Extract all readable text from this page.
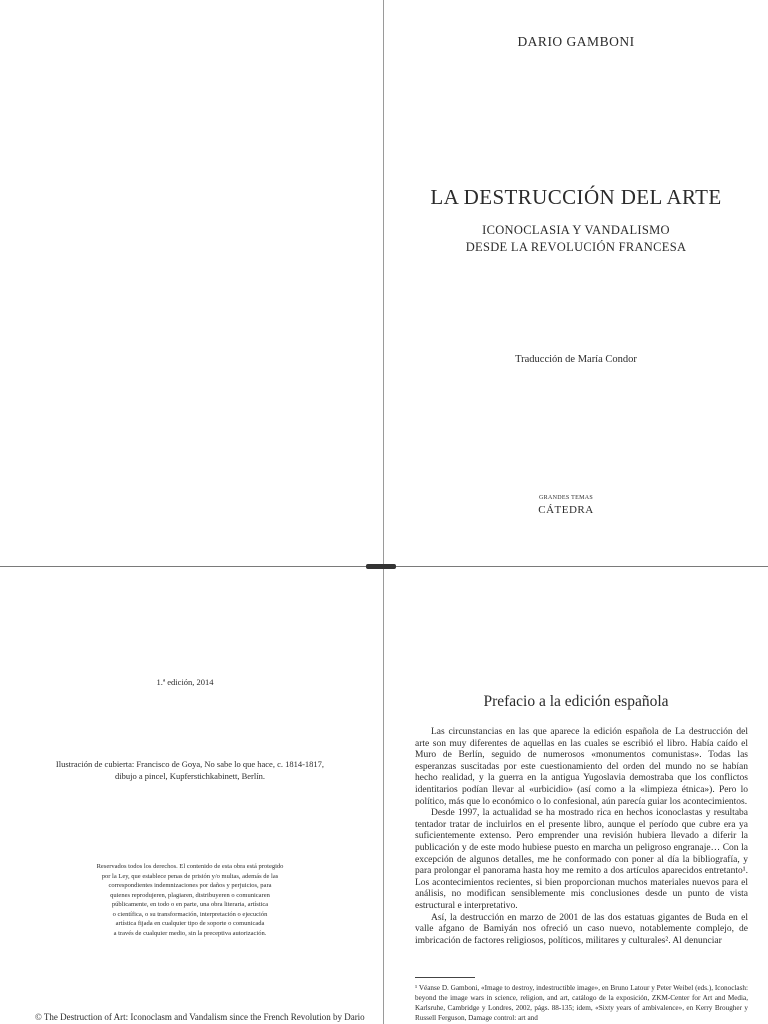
DARIO GAMBONI
LA DESTRUCCIÓN DEL ARTE
ICONOCLASIA Y VANDALISMO
DESDE LA REVOLUCIÓN FRANCESA
Traducción de María Condor
GRANDES TEMAS
CÁTEDRA
1.ª edición, 2014
Ilustración de cubierta: Francisco de Goya, No sabe lo que hace, c. 1814-1817,
dibujo a pincel, Kupferstichkabinett, Berlín.
Reservados todos los derechos. El contenido de esta obra está protegido
por la Ley, que establece penas de prisión y/o multas, además de las
correspondientes indemnizaciones por daños y perjuicios, para
quienes reprodujeren, plagiaren, distribuyeren o comunicaren
públicamente, en todo o en parte, una obra literaria, artística
o científica, o su transformación, interpretación o ejecución
artística fijada en cualquier tipo de soporte o comunicada
a través de cualquier medio, sin la preceptiva autorización.
© The Destruction of Art: Iconoclasm and Vandalism since the French Revolution by Dario
Prefacio a la edición española

Las circunstancias en las que aparece la edición española de La destrucción del arte son muy diferentes de aquellas en las cuales se escribió el libro. Había caído el Muro de Berlín, seguido de numerosos «monumentos comunistas». Todas las esperanzas suscitadas por este cuestionamiento del orden del mundo no se habían hecho realidad, y la guerra en la antigua Yugoslavia demostraba que los conflictos identitarios podían llevar al «urbicidio» (así como a la «limpieza étnica»). Pero lo político, más que lo económico o lo confesional, aún parecía guiar los acontecimientos.

Desde 1997, la actualidad se ha mostrado rica en hechos iconoclastas y resultaba tentador tratar de incluirlos en el presente libro, aunque el período que cubre era ya suficientemente extenso. Pero emprender una revisión hubiera llevado a diferir la publicación y de este modo hubiese puesto en marcha un peligroso engranaje… Con la excepción de algunos detalles, me he conformado con poner al día la bibliografía, y para prolongar el panorama hasta hoy me remito a dos artículos aparecidos entretanto¹. Los acontecimientos recientes, si bien proporcionan muchos materiales nuevos para el análisis, no modifican sensiblemente mis conclusiones desde un punto de vista estructural e interpretativo.

Así, la destrucción en marzo de 2001 de las dos estatuas gigantes de Buda en el valle afgano de Bamiyán nos ofreció un caso nuevo, notablemente complejo, de imbricación de factores religiosos, políticos, militares y culturales². Al denunciar

¹ Véanse D. Gamboni, «Image to destroy, indestructible image», en Bruno Latour y Peter Weibel (eds.), Iconoclash: beyond the image wars in science, religion, and art, catálogo de la exposición, ZKM-Center for Art and Media, Karlsruhe, Cambridge y Londres, 2002, págs. 88-135; idem, «Sixty years of ambivalence», en Kerry Brougher y Russell Ferguson, Damage control: art and
